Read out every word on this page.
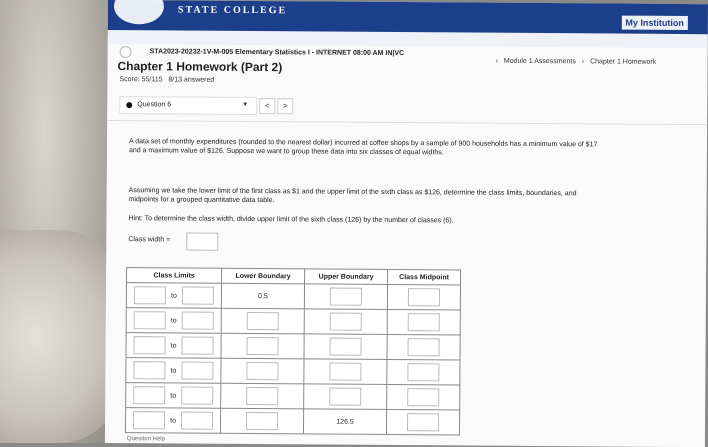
STATE COLLEGE
My Institution	C
STA2023-20232-1V-M-005 Elementary Statistics I - INTERNET 08:00 AM IN|VC
› Module 1 Assessments › Chapter 1 Homework
Chapter 1 Homework (Part 2)
Score: 55/115 8/13 answered
Question 6	▼	<	>
A data set of monthly expenditures (rounded to the nearest dollar) incurred at coffee shops by a sample of 900 households has a minimum value of $17 and a maximum value of $126. Suppose we want to group these data into six classes of equal widths.
Assuming we take the lower limit of the first class as $1 and the upper limit of the sixth class as $126, determine the class limits, boundaries, and midpoints for a grouped quantitative data table.
Hint: To determine the class width, divide upper limit of the sixth class (126) by the number of classes (6).
Class width =
Class Limits	Lower Boundary	Upper Boundary	Class Midpoint
to	0.5		
to			
to			
to			
to			
to		126.5	
Question Help
